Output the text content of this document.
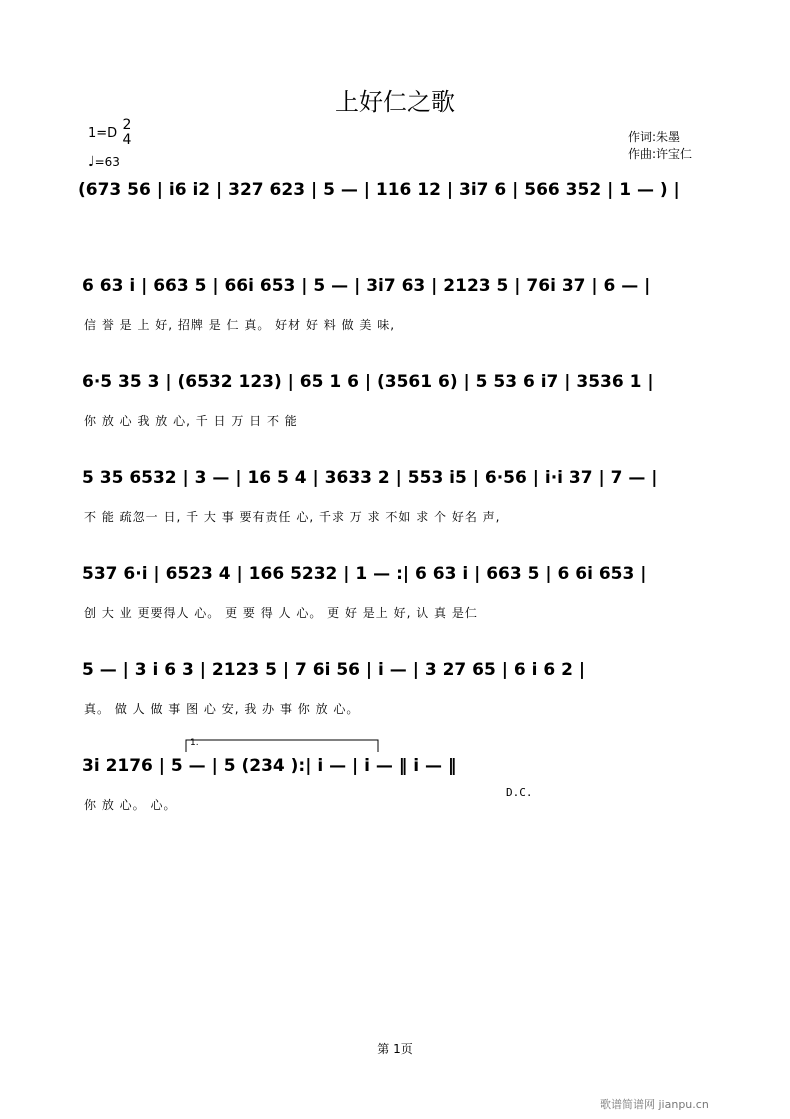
上好仁之歌
1=D
2
4
♩=63
作词:朱墨
作曲:许宝仁
(673 56 | i6 i2 | 327 623 | 5 — | 116 12 | 3i7 6 | 566 352 | 1 — ) |
6 63 i | 663 5 | 66i 653 | 5 — | 3i7 63 | 2123 5 | 76i 37 | 6 — |
信 誉 是 上 好, 招牌 是 仁 真。 好材 好 料 做 美 味,
6·5 35 3 | (6532 123) | 65 1 6 | (3561 6) | 5 53 6 i7 | 3536 1 |
你 放 心 我 放 心, 千 日 万 日 不 能
5 35 6532 | 3 — | 16 5 4 | 3633 2 | 553 i5 | 6·56 | i·i 37 | 7 — |
不 能 疏忽一 日, 千 大 事 要有责任 心, 千求 万 求 不如 求 个 好名 声,
537 6·i | 6523 4 | 166 5232 | 1 — :| 6 63 i | 663 5 | 6 6i 653 |
创 大 业 更要得人 心。 更 要 得 人 心。 更 好 是上 好, 认 真 是仁
5 — | 3 i 6 3 | 2123 5 | 7 6i 56 | i — | 3 27 65 | 6 i 6 2 |
真。 做 人 做 事 图 心 安, 我 办 事 你 放 心。
3i 2176 | 5 — | 5 (234 ):| i — | i — ‖ i — ‖
你 放 心。 心。
1.
D.C.
第 1页
歌谱简谱网 jianpu.cn
